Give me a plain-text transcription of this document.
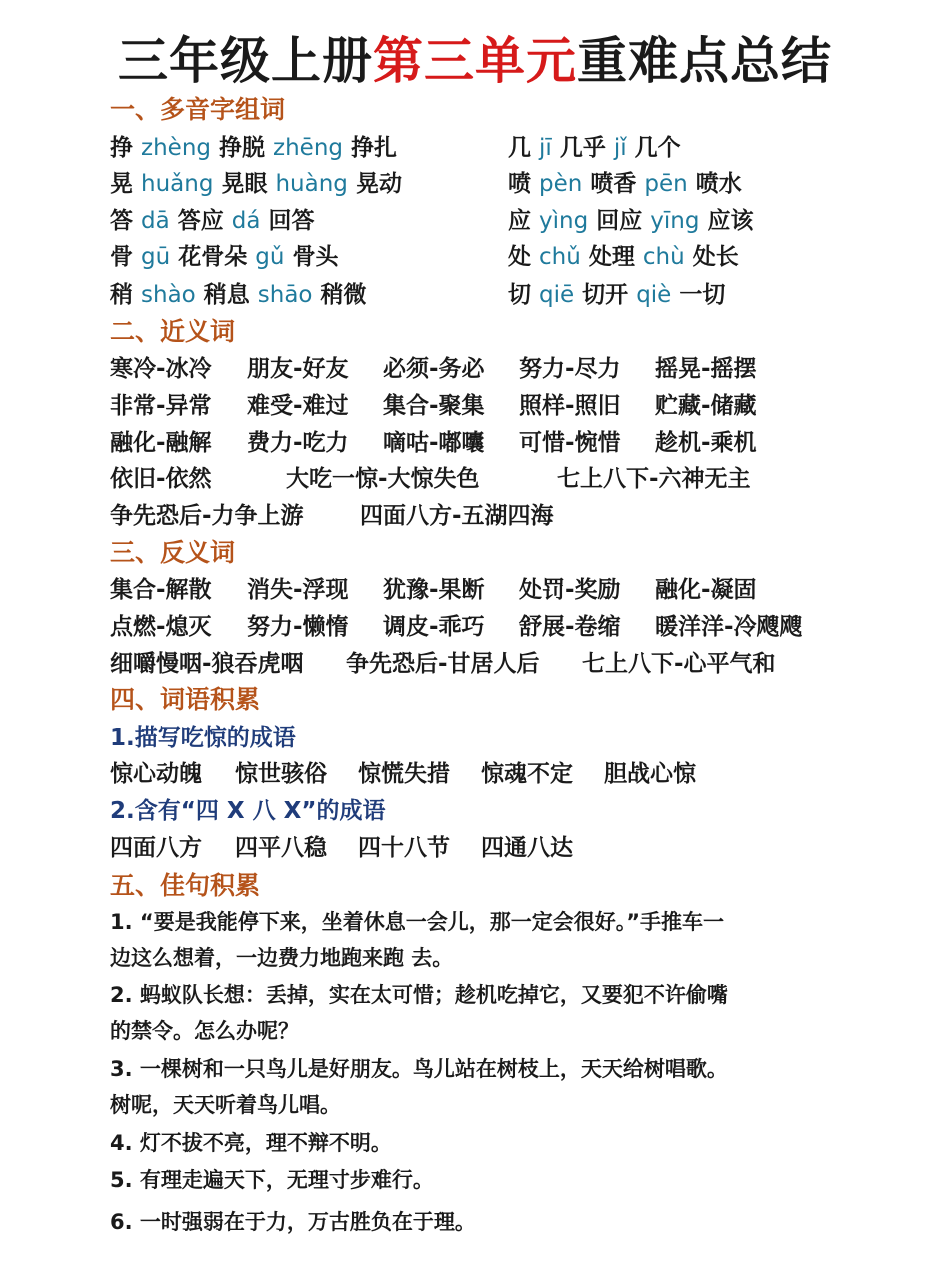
三年级上册第三单元重难点总结
一、多音字组词
挣 zhèng 挣脱 zhēng 挣扎
晃 huǎng 晃眼 huàng 晃动
答 dā 答应 dá 回答
骨 gū 花骨朵 gǔ 骨头
稍 shào 稍息 shāo 稍微
几 jī 几乎 jǐ 几个
喷 pèn 喷香 pēn 喷水
应 yìng 回应 yīng 应该
处 chǔ 处理 chù 处长
切 qiē 切开 qiè 一切
二、近义词
寒冷-冰冷 朋友-好友 必须-务必 努力-尽力 摇晃-摇摆
非常-异常 难受-难过 集合-聚集 照样-照旧 贮藏-储藏
融化-融解 费力-吃力 嘀咕-嘟囔 可惜-惋惜 趁机-乘机
依旧-依然	大吃一惊-大惊失色	七上八下-六神无主
争先恐后-力争上游 四面八方-五湖四海
三、反义词
集合-解散 消失-浮现 犹豫-果断 处罚-奖励 融化-凝固
点燃-熄灭 努力-懒惰 调皮-乖巧 舒展-卷缩 暖洋洋-冷飕飕
细嚼慢咽-狼吞虎咽 争先恐后-甘居人后 七上八下-心平气和
四、词语积累
1.描写吃惊的成语
惊心动魄 惊世骇俗 惊慌失措 惊魂不定 胆战心惊
2.含有“四 X 八 X”的成语
四面八方 四平八稳 四十八节 四通八达
五、佳句积累
1. “要是我能停下来，坐着休息一会儿，那一定会很好。”手推车一
边这么想着，一边费力地跑来跑 去。
2. 蚂蚁队长想：丢掉，实在太可惜；趁机吃掉它，又要犯不许偷嘴
的禁令。怎么办呢？
3. 一棵树和一只鸟儿是好朋友。鸟儿站在树枝上，天天给树唱歌。
树呢，天天听着鸟儿唱。
4. 灯不拔不亮，理不辩不明。
5. 有理走遍天下，无理寸步难行。
6. 一时强弱在于力，万古胜负在于理。
